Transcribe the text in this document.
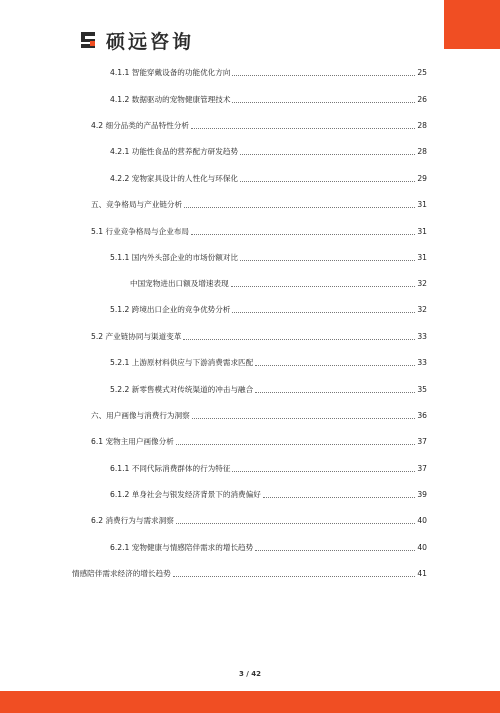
硕远咨询
4.1.1 智能穿戴设备的功能优化方向	25
4.1.2 数据驱动的宠物健康管理技术	26
4.2 细分品类的产品特性分析	28
4.2.1 功能性食品的营养配方研发趋势	28
4.2.2 宠物家具设计的人性化与环保化	29
五、竞争格局与产业链分析	31
5.1 行业竞争格局与企业布局	31
5.1.1 国内外头部企业的市场份额对比	31
中国宠物进出口额及增速表现	32
5.1.2 跨境出口企业的竞争优势分析	32
5.2 产业链协同与渠道变革	33
5.2.1 上游原材料供应与下游消费需求匹配	33
5.2.2 新零售模式对传统渠道的冲击与融合	35
六、用户画像与消费行为洞察	36
6.1 宠物主用户画像分析	37
6.1.1 不同代际消费群体的行为特征	37
6.1.2 单身社会与银发经济背景下的消费偏好	39
6.2 消费行为与需求洞察	40
6.2.1 宠物健康与情感陪伴需求的增长趋势	40
情感陪伴需求经济的增长趋势	41
3 / 42
